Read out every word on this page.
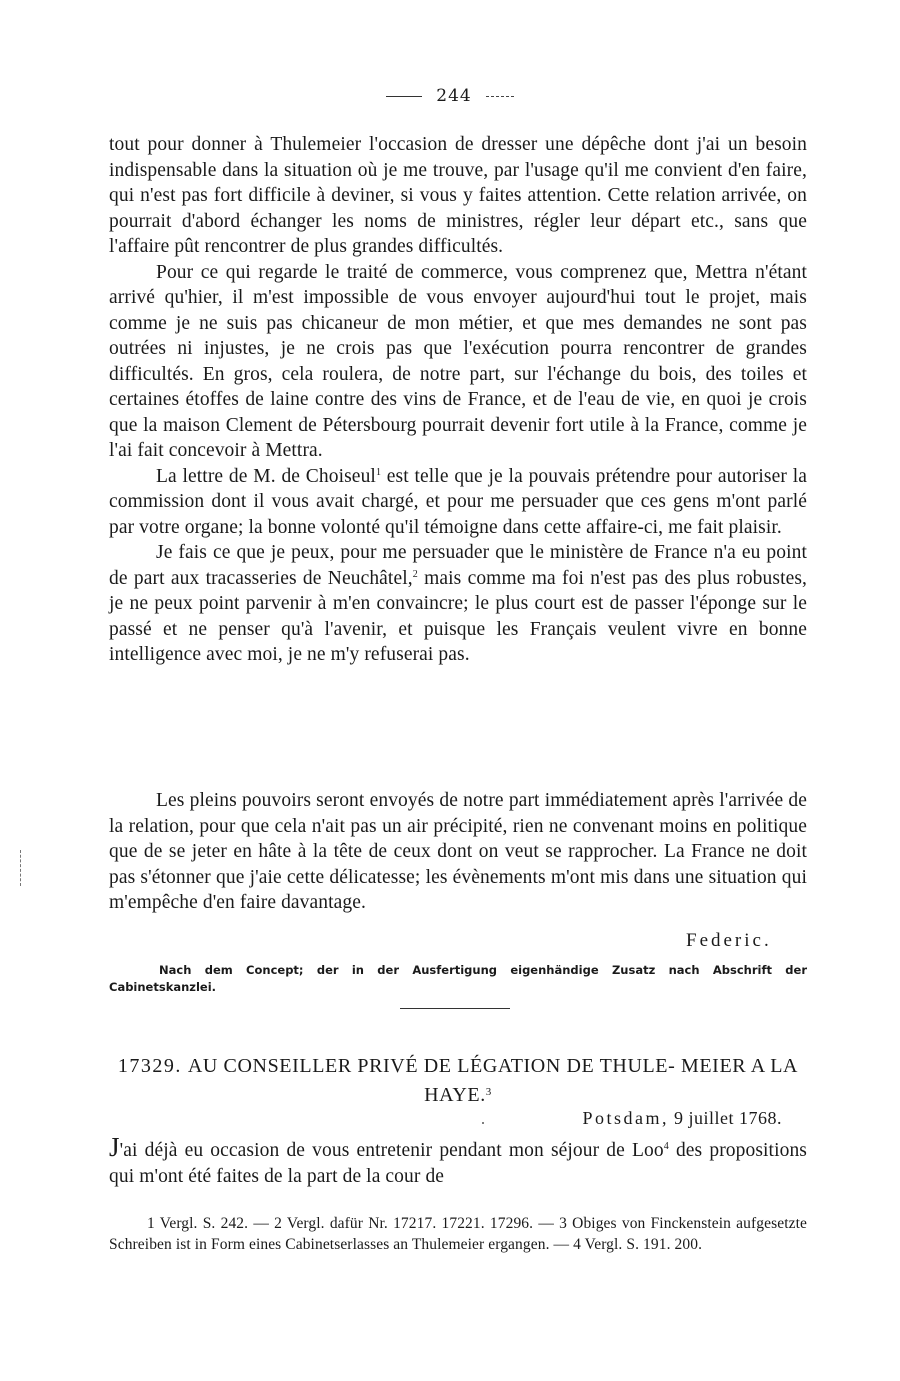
244

tout pour donner à Thulemeier l'occasion de dresser une dépêche dont j'ai un besoin indispensable dans la situation où je me trouve, par l'usage qu'il me convient d'en faire, qui n'est pas fort difficile à deviner, si vous y faites attention. Cette relation arrivée, on pourrait d'abord échanger les noms de ministres, régler leur départ etc., sans que l'affaire pût rencontrer de plus grandes difficultés.

Pour ce qui regarde le traité de commerce, vous comprenez que, Mettra n'étant arrivé qu'hier, il m'est impossible de vous envoyer aujourd'hui tout le projet, mais comme je ne suis pas chicaneur de mon métier, et que mes demandes ne sont pas outrées ni injustes, je ne crois pas que l'exécution pourra rencontrer de grandes difficultés. En gros, cela roulera, de notre part, sur l'échange du bois, des toiles et certaines étoffes de laine contre des vins de France, et de l'eau de vie, en quoi je crois que la maison Clement de Pétersbourg pourrait devenir fort utile à la France, comme je l'ai fait concevoir à Mettra.

La lettre de M. de Choiseul$^1$ est telle que je la pouvais prétendre pour autoriser la commission dont il vous avait chargé, et pour me persuader que ces gens m'ont parlé par votre organe; la bonne volonté qu'il témoigne dans cette affaire-ci, me fait plaisir.

Je fais ce que je peux, pour me persuader que le ministère de France n'a eu point de part aux tracasseries de Neuchâtel,$^2$ mais comme ma foi n'est pas des plus robustes, je ne peux point parvenir à m'en convaincre; le plus court est de passer l'éponge sur le passé et ne penser qu'à l'avenir, et puisque les Français veulent vivre en bonne intelligence avec moi, je ne m'y refuserai pas.

Les pleins pouvoirs seront envoyés de notre part immédiatement après l'arrivée de la relation, pour que cela n'ait pas un air précipité, rien ne convenant moins en politique que de se jeter en hâte à la tête de ceux dont on veut se rapprocher. La France ne doit pas s'étonner que j'aie cette délicatesse; les évènements m'ont mis dans une situation qui m'empêche d'en faire davantage.

Federic.
Nach dem Concept; der in der Ausfertigung eigenhändige Zusatz nach Abschrift der Cabinetskanzlei.
17329. AU CONSEILLER PRIVÉ DE LÉGATION DE THULE- MEIER A LA HAYE.$^3$
Potsdam, 9 juillet 1768.

J'ai déjà eu occasion de vous entretenir pendant mon séjour de Loo$^4$ des propositions qui m'ont été faites de la part de la cour de

1 Vergl. S. 242. — 2 Vergl. dafür Nr. 17217. 17221. 17296. — 3 Obiges von Finckenstein aufgesetzte Schreiben ist in Form eines Cabinetserlasses an Thulemeier ergangen. — 4 Vergl. S. 191. 200.
